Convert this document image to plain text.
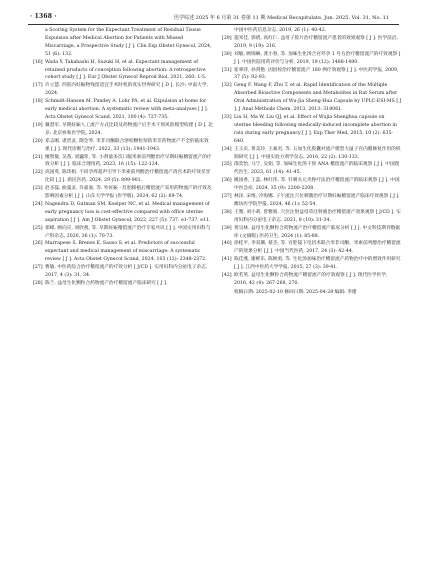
· 1368 ·	医学综述 2025 年 6 月第 31 卷第 11 期 Medical Recapitulate, Jun. 2025, Vol. 31, No. 11

a Scoring System for the Expectant Treatment of Residual Tissue Expulsion after Medical Abortion for Patients with Missed Miscarriage, a Prospective Study [ J ]. Clin Exp Obstet Gynecol, 2024, 51 (6): 132.

[16] Wada Y, Takahashi H, Suzuki H, et al. Expectant management of retained products of conception following abortion: A retrospective cohort study [ J ]. Eur J Obstet Gynecol Reprod Biol, 2021, 260: 1-5.

[17] 许立慧. 四胶内妊娠物残留适宜手术时机的真实世界研究 [ D ]. 长沙: 中南大学, 2024.

[18] Schmidt-Hansen M, Pandey A, Lohr PA, et al. Expulsion at home for early medical abortion: A systematic review with meta-analyses [ J ]. Acta Obstet Gynecol Scand, 2021, 100 (4): 727-735.

[19] 戴督军. 早期妊娠人工流产方式比较及药物流产后手术干预风险模型构建 [ D ]. 北京: 北京协和医学院, 2024.

[20] 邓志刚, 谌贵灵, 隋会琴. 米非司酮联合溶栓颗粒预防米非药物流产不全的临床效果 [ J ]. 现代诊断与治疗, 2022, 33 (13): 1941-1943.

[21] 檀智敏, 吴茜, 刘巍荣, 等. 小剂量多次口服米索前列醇治疗早期妊娠稽留流产的疗效分析 [ J ]. 临床合理用药, 2023, 16 (15): 122-124.

[22] 高国英, 陈玮娟. 不同孕周超声引导下米索前列醇治疗稽留流产清宫术的疗效差异比较 [ J ]. 新民医药, 2024, 29 (5): 899-901.

[23] 赵圣磊, 曲曼灵, 许嘉嘉, 等. 外妊娠 - 肛胎移植后稽留流产采用药物流产的疗效及影响因素分析 [ J ]. 山东大学学报 (医学版), 2024, 62 (2): 69-74.

[24] Nagendra D, Gutman SM, Koelper NC, et al. Medical management of early pregnancy loss is cost-effective compared with office uterine aspiration [ J ]. Am J Obstet Gynecol, 2022, 227 (5): 737. e1-737. e11.

[25] 郑峰, 顾向应, 刘欣燕, 等. 早期妊娠稽留流产治疗专家共识 [ J ]. 中国实用妇科与产科杂志, 2020, 36 (1): 70-73.

[26] Marrapese S, Brenes E, Sauso S, et al. Predictors of successful expectant and medical management of miscarriage: A systematic review [ J ]. Acta Obstet Gynecol Scand, 2024, 103 (12): 2348-2372.

[27] 曹敏. 中医药综合治疗稽留流产的疗效分析 [ J/CD ]. 实用妇科内分泌电子杂志, 2017, 4 (3): 31, 34.

[28] 陈兰. 益母生化颗粒合药物流产治疗稽留流产临床研究 [ J ].

中国中医药信息杂志, 2019, 26 (1): 40-42.

[29] 施米佳, 郭倩, 高红仁. 益母子胶片治疗稽留流产患者的效果观察 [ J ]. 医学前沿, 2019, 9 (19): 216.

[30] 刘敏, 顾锦娴, 龚小春, 等. 加味生化汤合宫外孕 1 号方治疗稽留流产的疗效观察 [ J ]. 中国医院用药评价与分析, 2019, 19 (12): 1488-1490.

[31] 崔翠萍, 孙剑艳. 因因栓治疗稽留流产 180 例疗效观察 [ J ]. 中医药学报, 2009, 37 (5): 92-93.

[32] Geng F, Wang F, Zhu T, et al. Rapid Identification of the Multiple Absorbed Bioactive Components and Metabolites in Rat Serum after Oral Administration of Wu-Jia Sheng-Hua Capsule by UPLC-ESI-MS [ J ]. J Anal Methods Chem, 2013, 2013: 318061.

[33] Liu H, Ma W, Liu QJ, et al. Effect of Wujia Shenghua capsule on uterine bleeding following medically-induced incomplete abortion in rats during early pregnancy [ J ]. Exp Ther Med, 2015, 10 (2): 635-640.

[34] 王玉贞, 黄美玲, 王素君, 等. 五加生化胶囊对流产模型大鼠子宫内膜修复作用的机制研究 [ J ]. 中国实验方剂学杂志, 2016, 22 (2): 130-133.

[35] 邵奕怡, 马宁, 吴娟, 等. 加味生化汤干预 ANA 稽留流产的临床观察 [ J ]. 中国现代医生, 2023, 61 (14): 41-45.

[36] 姚国香, 王蕊, 林红伟, 等. 针刺关元夹脊疗法治疗稽留流产的临床观察 [ J ]. 中国中医急症, 2024, 35 (9): 2200-2208.

[37] 林泽, 宋维, 冷海娜. 子午流注穴位刺激治疗早期妊娠稽留流产临床疗效观察 [ J ]. 潍坊医学院学报, 2024, 46 (1): 52-54.

[38] 王雅, 刘小莉, 曾雅娟. 穴位注射益母草注射液治疗稽留流产效果观察 [ J/CD ]. 实用妇科内分泌电子杂志, 2021, 8 (10): 31-34.

[39] 黄宗林. 益母生化颗粒合药物流产治疗稽留流产临床分析 [ J ]. 中文科技期刊数据库 (文摘版) 医药卫生, 2024 (1): 85-88.

[40] 徐桂平, 李双珊, 蔡杰, 等. 宫腔镜下电切术联合米非司酮、米索前列醇治疗稽留流产的效果分析 [ J ]. 中国当代医药, 2017, 24 (3): 42-44.

[41] 陈佳燕, 谢彬乐, 陈焕勇, 等. 生化汤加味治疗稽留流产药物治疗中的增效作用研究 [ J ]. 江西中医药大学学报, 2015, 27 (3): 39-41.

[42] 欧若英. 益母生化颗粒合药物流产稽留流产的疗效观察 [ J ]. 现代医学医学, 2016, 42 (4): 267-268, 270.

收稿日期: 2025-02-10 修回日期: 2025-04-28 编辑: 李瑾
